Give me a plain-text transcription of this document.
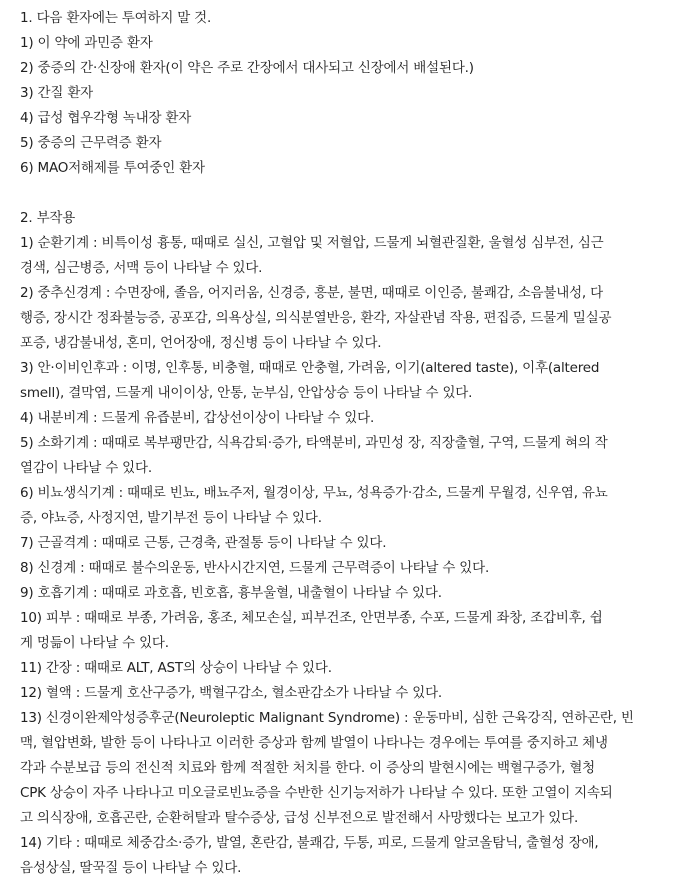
1. 다음 환자에는 투여하지 말 것.
1) 이 약에 과민증 환자
2) 중증의 간·신장애 환자(이 약은 주로 간장에서 대사되고 신장에서 배설된다.)
3) 간질 환자
4) 급성 협우각형 녹내장 환자
5) 중증의 근무력증 환자
6) MAO저해제를 투여중인 환자
2. 부작용
1) 순환기계 : 비특이성 흉통, 때때로 실신, 고혈압 및 저혈압, 드물게 뇌혈관질환, 울혈성 심부전, 심근
경색, 심근병증, 서맥 등이 나타날 수 있다.
2) 중추신경계 : 수면장애, 졸음, 어지러움, 신경증, 흥분, 불면, 때때로 이인증, 불쾌감, 소음불내성, 다
행증, 장시간 정좌불능증, 공포감, 의욕상실, 의식분열반응, 환각, 자살관념 작용, 편집증, 드물게 밀실공
포증, 냉감불내성, 혼미, 언어장애, 정신병 등이 나타날 수 있다.
3) 안·이비인후과 : 이명, 인후통, 비충혈, 때때로 안충혈, 가려움, 이기(altered taste), 이후(altered
smell), 결막염, 드물게 내이이상, 안통, 눈부심, 안압상승 등이 나타날 수 있다.
4) 내분비계 : 드물게 유즙분비, 갑상선이상이 나타날 수 있다.
5) 소화기계 : 때때로 복부팽만감, 식욕감퇴·증가, 타액분비, 과민성 장, 직장출혈, 구역, 드물게 혀의 작
열감이 나타날 수 있다.
6) 비뇨생식기계 : 때때로 빈뇨, 배뇨주저, 월경이상, 무뇨, 성욕증가·감소, 드물게 무월경, 신우염, 유뇨
증, 야뇨증, 사정지연, 발기부전 등이 나타날 수 있다.
7) 근골격계 : 때때로 근통, 근경축, 관절통 등이 나타날 수 있다.
8) 신경계 : 때때로 불수의운동, 반사시간지연, 드물게 근무력증이 나타날 수 있다.
9) 호흡기계 : 때때로 과호흡, 빈호흡, 흉부울혈, 내출혈이 나타날 수 있다.
10) 피부 : 때때로 부종, 가려움, 홍조, 체모손실, 피부건조, 안면부종, 수포, 드물게 좌창, 조갑비후, 쉽
게 멍듦이 나타날 수 있다.
11) 간장 : 때때로 ALT, AST의 상승이 나타날 수 있다.
12) 혈액 : 드물게 호산구증가, 백혈구감소, 혈소판감소가 나타날 수 있다.
13) 신경이완제악성증후군(Neuroleptic Malignant Syndrome) : 운동마비, 심한 근육강직, 연하곤란, 빈
맥, 혈압변화, 발한 등이 나타나고 이러한 증상과 함께 발열이 나타나는 경우에는 투여를 중지하고 체냉
각과 수분보급 등의 전신적 치료와 함께 적절한 처치를 한다. 이 증상의 발현시에는 백혈구증가, 혈청
CPK 상승이 자주 나타나고 미오글로빈뇨증을 수반한 신기능저하가 나타날 수 있다. 또한 고열이 지속되
고 의식장애, 호흡곤란, 순환허탈과 탈수증상, 급성 신부전으로 발전해서 사망했다는 보고가 있다.
14) 기타 : 때때로 체중감소·증가, 발열, 혼란감, 불쾌감, 두통, 피로, 드물게 알코올탐닉, 출혈성 장애,
음성상실, 딸꾹질 등이 나타날 수 있다.
